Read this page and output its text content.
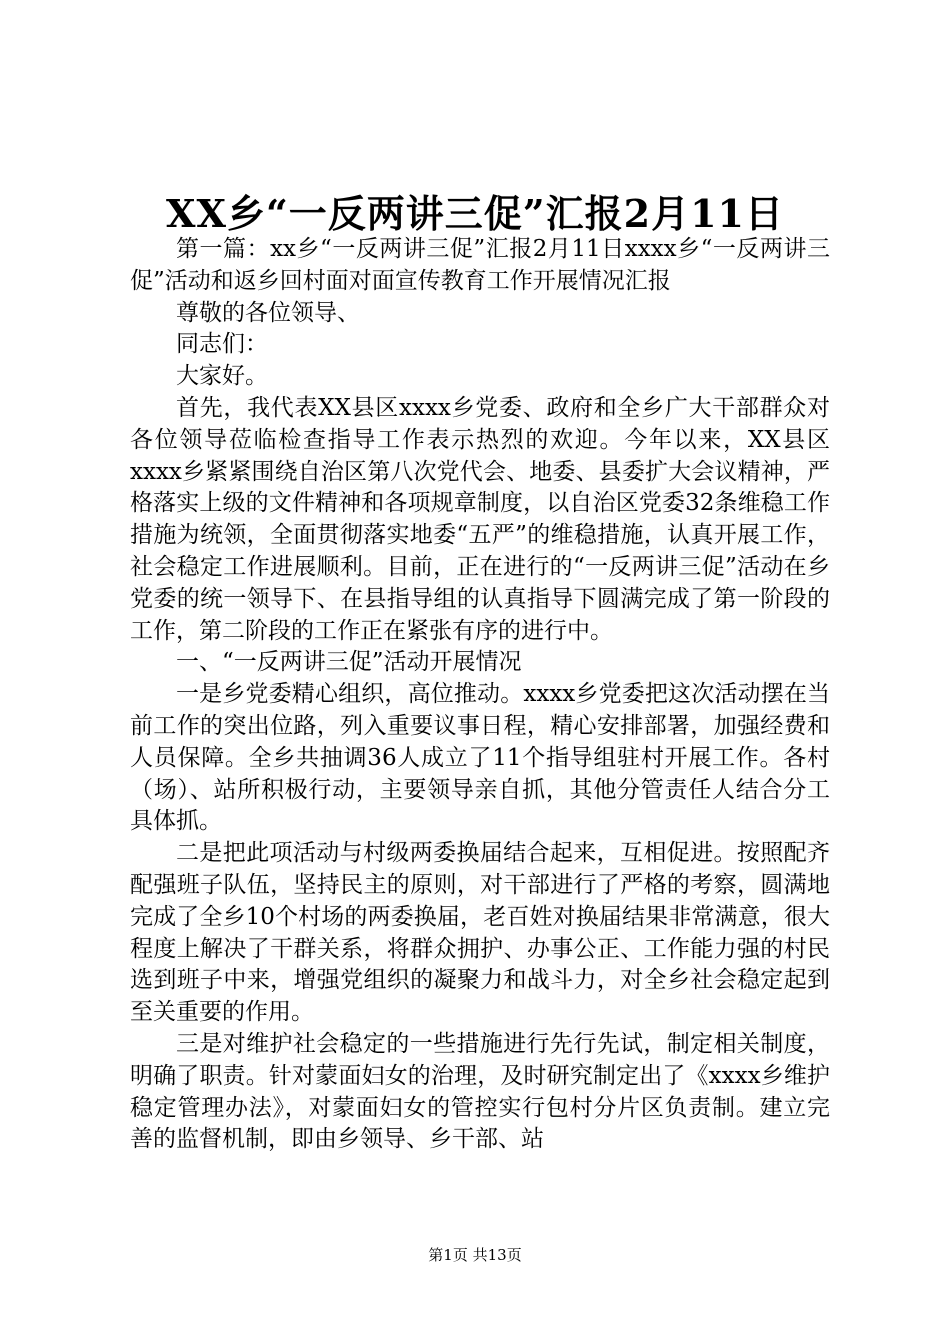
XX乡“一反两讲三促”汇报2月11日

第一篇：xx乡“一反两讲三促”汇报2月11日xxxx乡“一反两讲三促”活动和返乡回村面对面宣传教育工作开展情况汇报

尊敬的各位领导、

同志们：

大家好。

首先，我代表XX县区xxxx乡党委、政府和全乡广大干部群众对各位领导莅临检查指导工作表示热烈的欢迎。今年以来，XX县区xxxx乡紧紧围绕自治区第八次党代会、地委、县委扩大会议精神，严格落实上级的文件精神和各项规章制度，以自治区党委32条维稳工作措施为统领，全面贯彻落实地委“五严”的维稳措施，认真开展工作，社会稳定工作进展顺利。目前，正在进行的“一反两讲三促”活动在乡党委的统一领导下、在县指导组的认真指导下圆满完成了第一阶段的工作，第二阶段的工作正在紧张有序的进行中。

一、“一反两讲三促”活动开展情况

一是乡党委精心组织，高位推动。xxxx乡党委把这次活动摆在当前工作的突出位路，列入重要议事日程，精心安排部署，加强经费和人员保障。全乡共抽调36人成立了11个指导组驻村开展工作。各村（场）、站所积极行动，主要领导亲自抓，其他分管责任人结合分工具体抓。

二是把此项活动与村级两委换届结合起来，互相促进。按照配齐配强班子队伍，坚持民主的原则，对干部进行了严格的考察，圆满地完成了全乡10个村场的两委换届，老百姓对换届结果非常满意，很大程度上解决了干群关系，将群众拥护、办事公正、工作能力强的村民选到班子中来，增强党组织的凝聚力和战斗力，对全乡社会稳定起到至关重要的作用。

三是对维护社会稳定的一些措施进行先行先试，制定相关制度，明确了职责。针对蒙面妇女的治理，及时研究制定出了《xxxx乡维护稳定管理办法》，对蒙面妇女的管控实行包村分片区负责制。建立完善的监督机制，即由乡领导、乡干部、站

第1页 共13页
